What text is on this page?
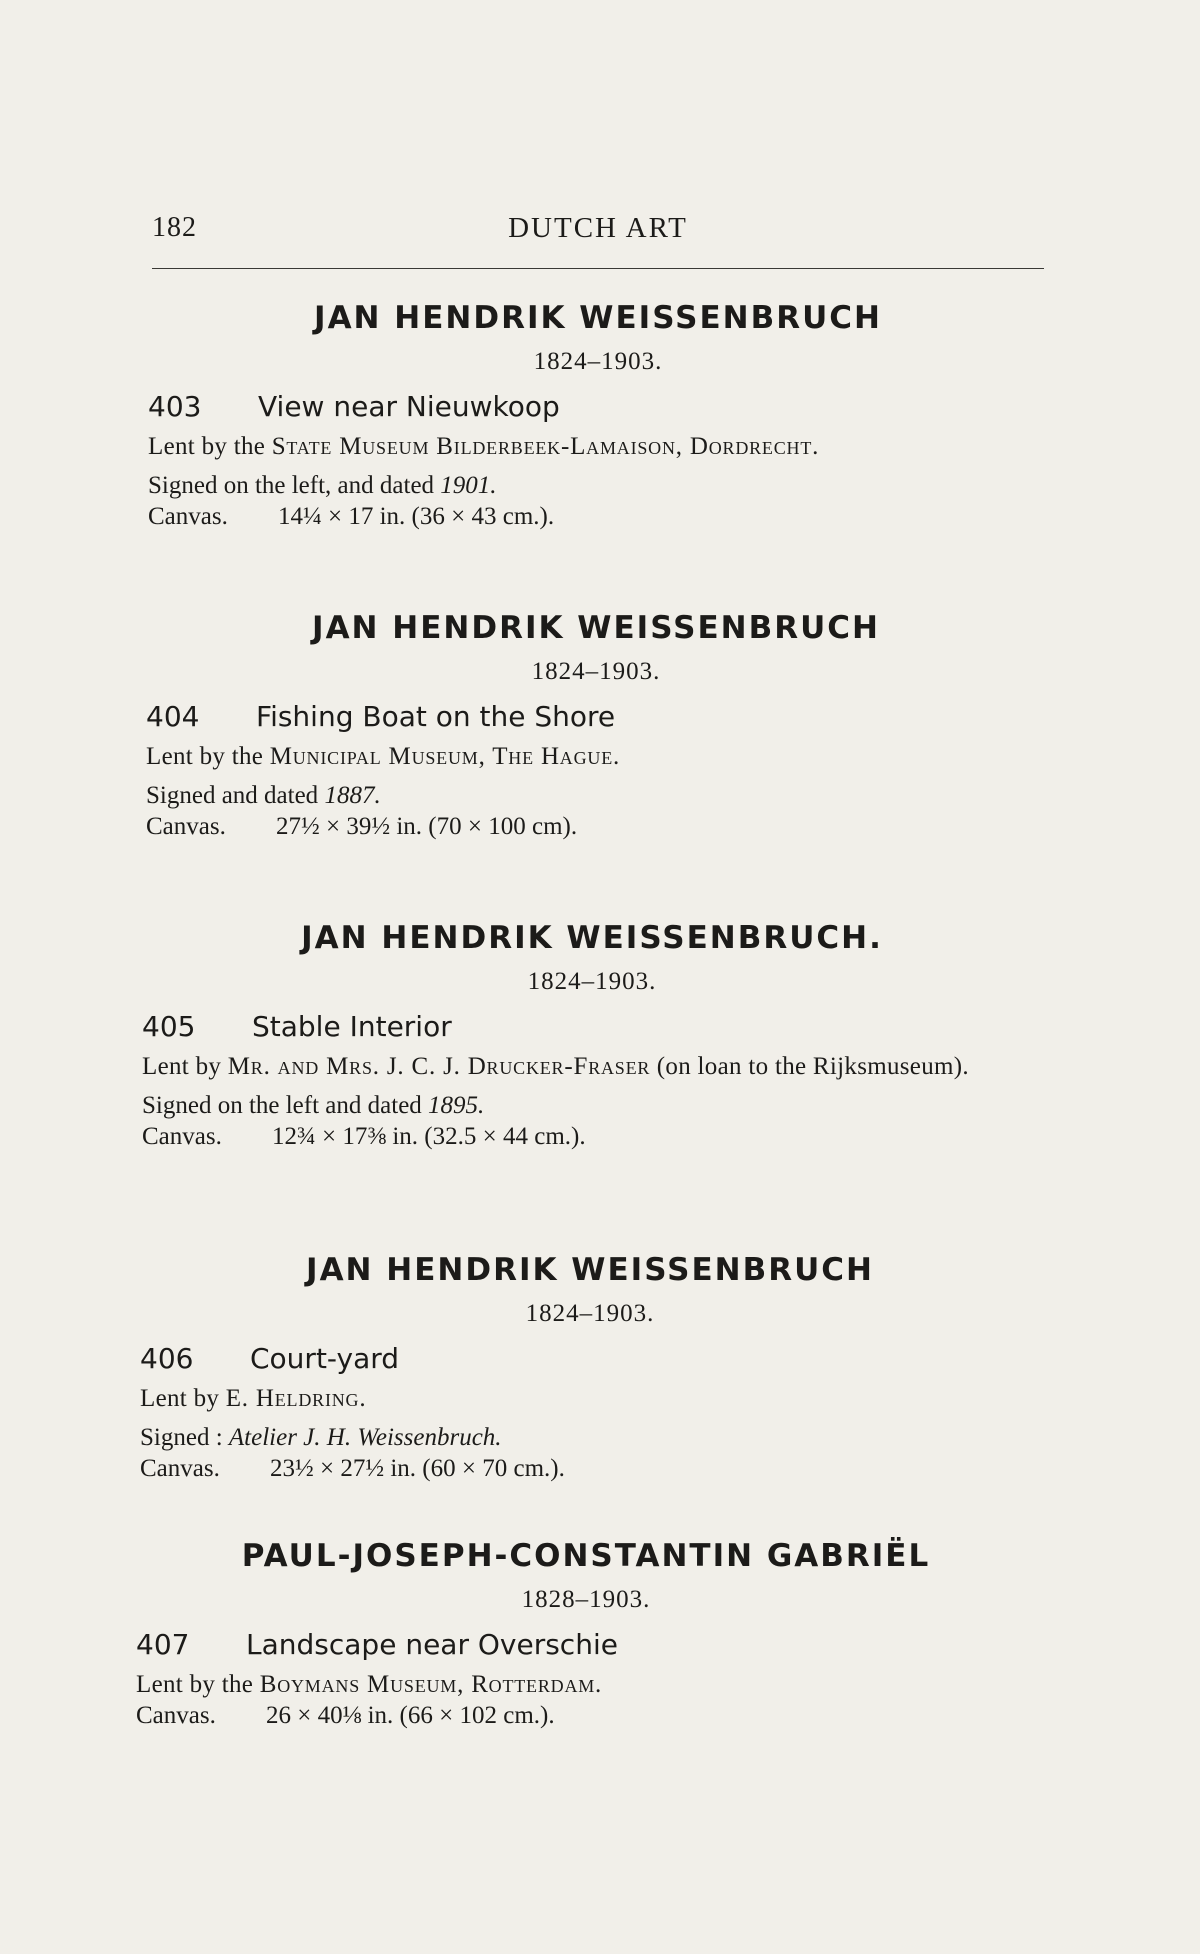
182	DUTCH ART
JAN HENDRIK WEISSENBRUCH
1824–1903.
403 View near Nieuwkoop
Lent by the State Museum Bilderbeek-Lamaison, Dordrecht.
Signed on the left, and dated 1901.
Canvas. 14¼ × 17 in. (36 × 43 cm.).
JAN HENDRIK WEISSENBRUCH
1824–1903.
404 Fishing Boat on the Shore
Lent by the Municipal Museum, The Hague.
Signed and dated 1887.
Canvas. 27½ × 39½ in. (70 × 100 cm).
JAN HENDRIK WEISSENBRUCH.
1824–1903.
405 Stable Interior
Lent by Mr. and Mrs. J. C. J. Drucker-Fraser (on loan to the Rijksmuseum).
Signed on the left and dated 1895.
Canvas. 12¾ × 17⅜ in. (32.5 × 44 cm.).
JAN HENDRIK WEISSENBRUCH
1824–1903.
406 Court-yard
Lent by E. Heldring.
Signed : Atelier J. H. Weissenbruch.
Canvas. 23½ × 27½ in. (60 × 70 cm.).
PAUL-JOSEPH-CONSTANTIN GABRIËL
1828–1903.
407 Landscape near Overschie
Lent by the Boymans Museum, Rotterdam.
Canvas. 26 × 40⅛ in. (66 × 102 cm.).
